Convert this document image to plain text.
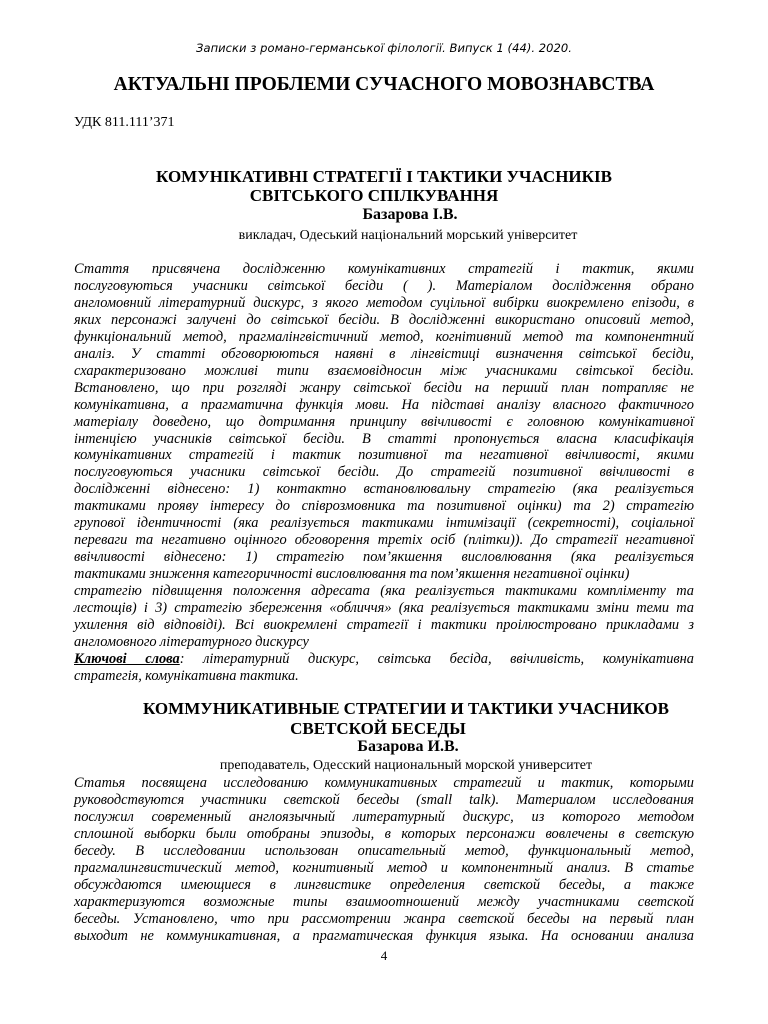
Записки з романо-германської філології. Випуск 1 (44). 2020.
АКТУАЛЬНІ ПРОБЛЕМИ СУЧАСНОГО МОВОЗНАВСТВА
УДК 811.111’371
КОМУНІКАТИВНІ СТРАТЕГІЇ І ТАКТИКИ УЧАСНИКІВ
СВІТСЬКОГО СПІЛКУВАННЯ
Базарова І.В.
викладач, Одеський національний морський університет
Стаття присвячена дослідженню комунікативних стратегій і тактик, якими
послуговуються учасники світської бесіди ( ). Матеріалом дослідження обрано
англомовний літературний дискурс, з якого методом суцільної вибірки виокремлено епізоди, в
яких персонажі залучені до світської бесіди. В дослідженні використано описовий метод,
функціональний метод, прагмалінгвістичний метод, когнітивний метод та компонентний
аналіз. У статті обговорюються наявні в лінгвістиці визначення світської бесіди,
схарактеризовано можливі типи взаємовідносин між учасниками світської бесіди.
Встановлено, що при розгляді жанру світської бесіди на перший план потрапляє не
комунікативна, а прагматична функція мови. На підставі аналізу власного фактичного
матеріалу доведено, що дотримання принципу ввічливості є головною комунікативної
інтенцією учасників світської бесіди. В статті пропонується власна класифікація
комунікативних стратегій і тактик позитивної та негативної ввічливості, якими
послуговуються учасники світської бесіди. До стратегій позитивної ввічливості в
дослідженні віднесено: 1) контактно встановлювальну стратегію (яка реалізується
тактиками прояву інтересу до співрозмовника та позитивної оцінки) та 2) стратегію
групової ідентичності (яка реалізується тактиками інтимізації (секретності), соціальної
переваги та негативно оцінного обговорення третіх осіб (плітки)). До стратегії негативної
ввічливості віднесено: 1) стратегію пом’якшення висловлювання (яка реалізується
тактиками зниження категоричності висловлювання та пом’якшення негативної оцінки)
стратегію підвищення положення адресата (яка реалізується тактиками компліменту та
лестощів) і 3) стратегію збереження «обличчя» (яка реалізується тактиками зміни теми та
ухилення від відповіді). Всі виокремлені стратегії і тактики проілюстровано прикладами з
англомовного літературного дискурсу
Ключові слова: літературний дискурс, світська бесіда, ввічливість, комунікативна
стратегія, комунікативна тактика.
КОММУНИКАТИВНЫЕ СТРАТЕГИИ И ТАКТИКИ УЧАСНИКОВ
СВЕТСКОЙ БЕСЕДЫ
Базарова И.В.
преподаватель, Одесский национальный морской университет
Статья посвящена исследованию коммуникативных стратегий и тактик, которыми
руководствуются участники светской беседы (small talk). Материалом исследования
послужил современный англоязычный литературный дискурс, из которого методом
сплошной выборки были отобраны эпизоды, в которых персонажи вовлечены в светскую
беседу. В исследовании использован описательный метод, функциональный метод,
прагмалингвистический метод, когнитивный метод и компонентный анализ. В статье
обсуждаются имеющиеся в лингвистике определения светской беседы, а также
характеризуются возможные типы взаимоотношений между участниками светской
беседы. Установлено, что при рассмотрении жанра светской беседы на первый план
выходит не коммуникативная, а прагматическая функция языка. На основании анализа
4
